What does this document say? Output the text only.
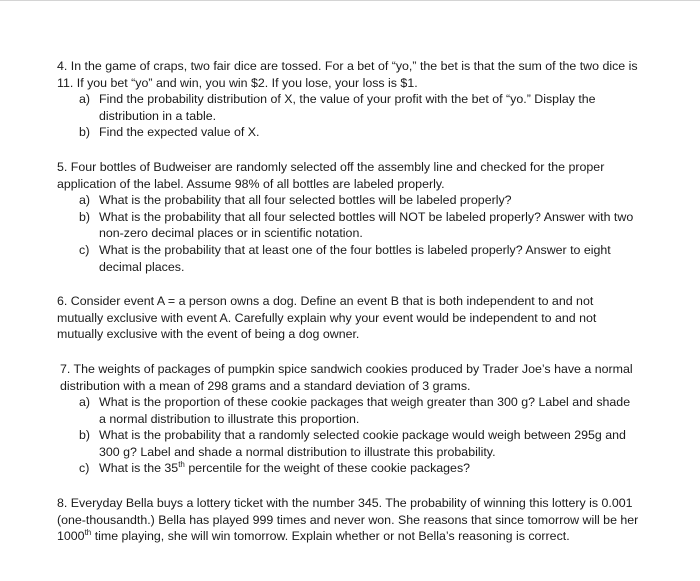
4. In the game of craps, two fair dice are tossed. For a bet of “yo,” the bet is that the sum of the two dice is 11. If you bet “yo” and win, you win $2. If you lose, your loss is $1.

a) Find the probability distribution of X, the value of your profit with the bet of “yo.” Display the distribution in a table.
b) Find the expected value of X.

5. Four bottles of Budweiser are randomly selected off the assembly line and checked for the proper application of the label. Assume 98% of all bottles are labeled properly.

a) What is the probability that all four selected bottles will be labeled properly?
b) What is the probability that all four selected bottles will NOT be labeled properly? Answer with two non-zero decimal places or in scientific notation.
c) What is the probability that at least one of the four bottles is labeled properly? Answer to eight decimal places.

6. Consider event A = a person owns a dog. Define an event B that is both independent to and not mutually exclusive with event A. Carefully explain why your event would be independent to and not mutually exclusive with the event of being a dog owner.

7. The weights of packages of pumpkin spice sandwich cookies produced by Trader Joe’s have a normal distribution with a mean of 298 grams and a standard deviation of 3 grams.

a) What is the proportion of these cookie packages that weigh greater than 300 g? Label and shade a normal distribution to illustrate this proportion.
b) What is the probability that a randomly selected cookie package would weigh between 295g and 300 g? Label and shade a normal distribution to illustrate this probability.
c) What is the 35th percentile for the weight of these cookie packages?

8. Everyday Bella buys a lottery ticket with the number 345. The probability of winning this lottery is 0.001 (one-thousandth.) Bella has played 999 times and never won. She reasons that since tomorrow will be her 1000th time playing, she will win tomorrow. Explain whether or not Bella’s reasoning is correct.
